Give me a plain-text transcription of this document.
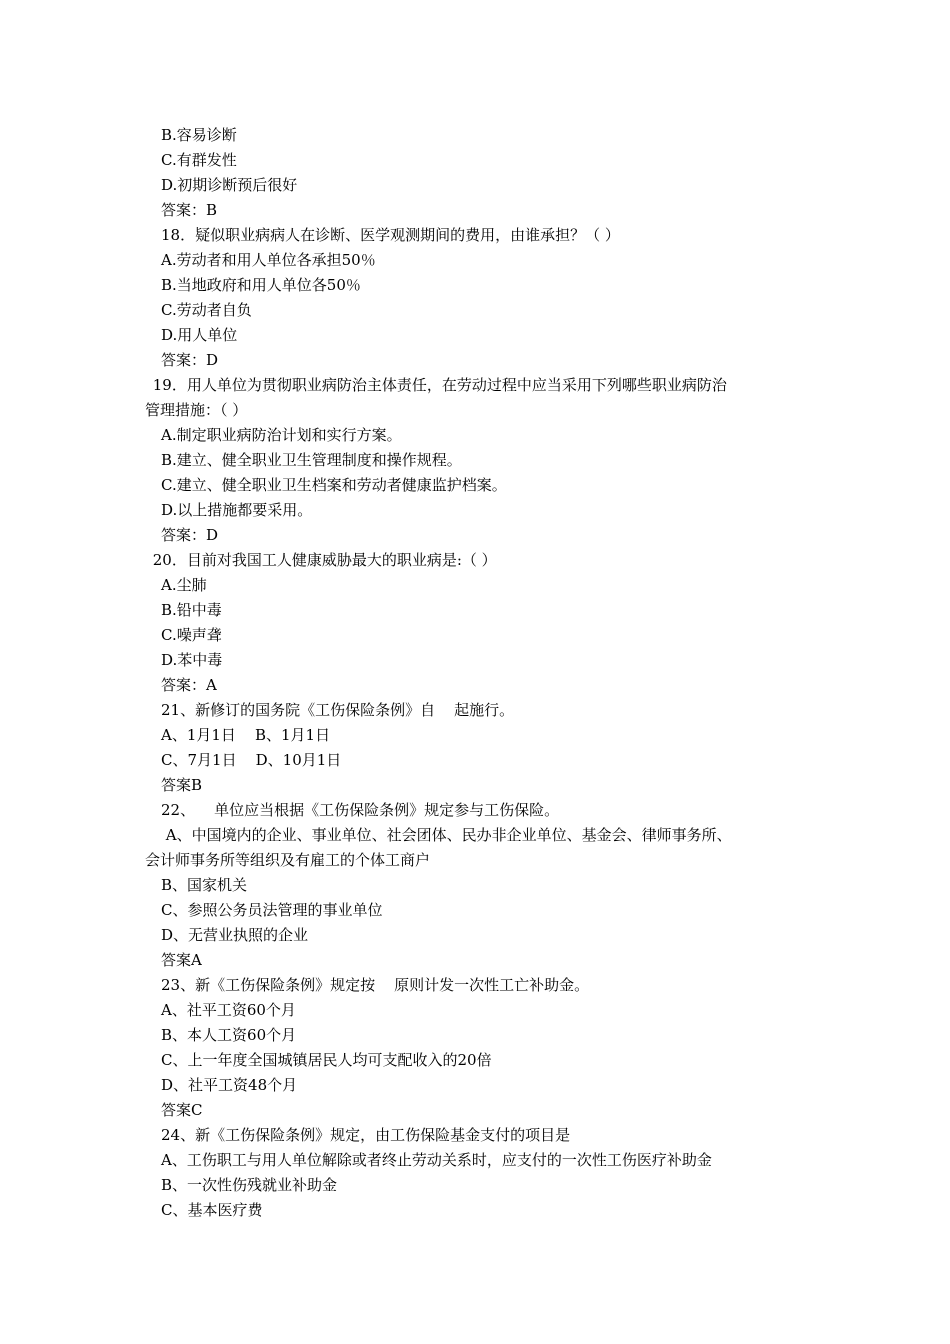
B.容易诊断
C.有群发性
D.初期诊断预后很好
答案：B
18．疑似职业病病人在诊断、医学观测期间的费用，由谁承担？（ ）
A.劳动者和用人单位各承担50％
B.当地政府和用人单位各50％
C.劳动者自负
D.用人单位
答案：D
19．用人单位为贯彻职业病防治主体责任，在劳动过程中应当采用下列哪些职业病防治
管理措施：（ ）
A.制定职业病防治计划和实行方案。
B.建立、健全职业卫生管理制度和操作规程。
C.建立、健全职业卫生档案和劳动者健康监护档案。
D.以上措施都要采用。
答案：D
20．目前对我国工人健康威胁最大的职业病是:（ ）
A.尘肺
B.铅中毒
C.噪声聋
D.苯中毒
答案：A
21、新修订的国务院《工伤保险条例》自    起施行。
A、1月1日    B、1月1日
C、7月1日    D、10月1日
答案B
22、    单位应当根据《工伤保险条例》规定参与工伤保险。
A、中国境内的企业、事业单位、社会团体、民办非企业单位、基金会、律师事务所、
会计师事务所等组织及有雇工的个体工商户
B、国家机关
C、参照公务员法管理的事业单位
D、无营业执照的企业
答案A
23、新《工伤保险条例》规定按    原则计发一次性工亡补助金。
A、社平工资60个月
B、本人工资60个月
C、上一年度全国城镇居民人均可支配收入的20倍
D、社平工资48个月
答案C
24、新《工伤保险条例》规定，由工伤保险基金支付的项目是
A、工伤职工与用人单位解除或者终止劳动关系时，应支付的一次性工伤医疗补助金
B、一次性伤残就业补助金
C、基本医疗费
